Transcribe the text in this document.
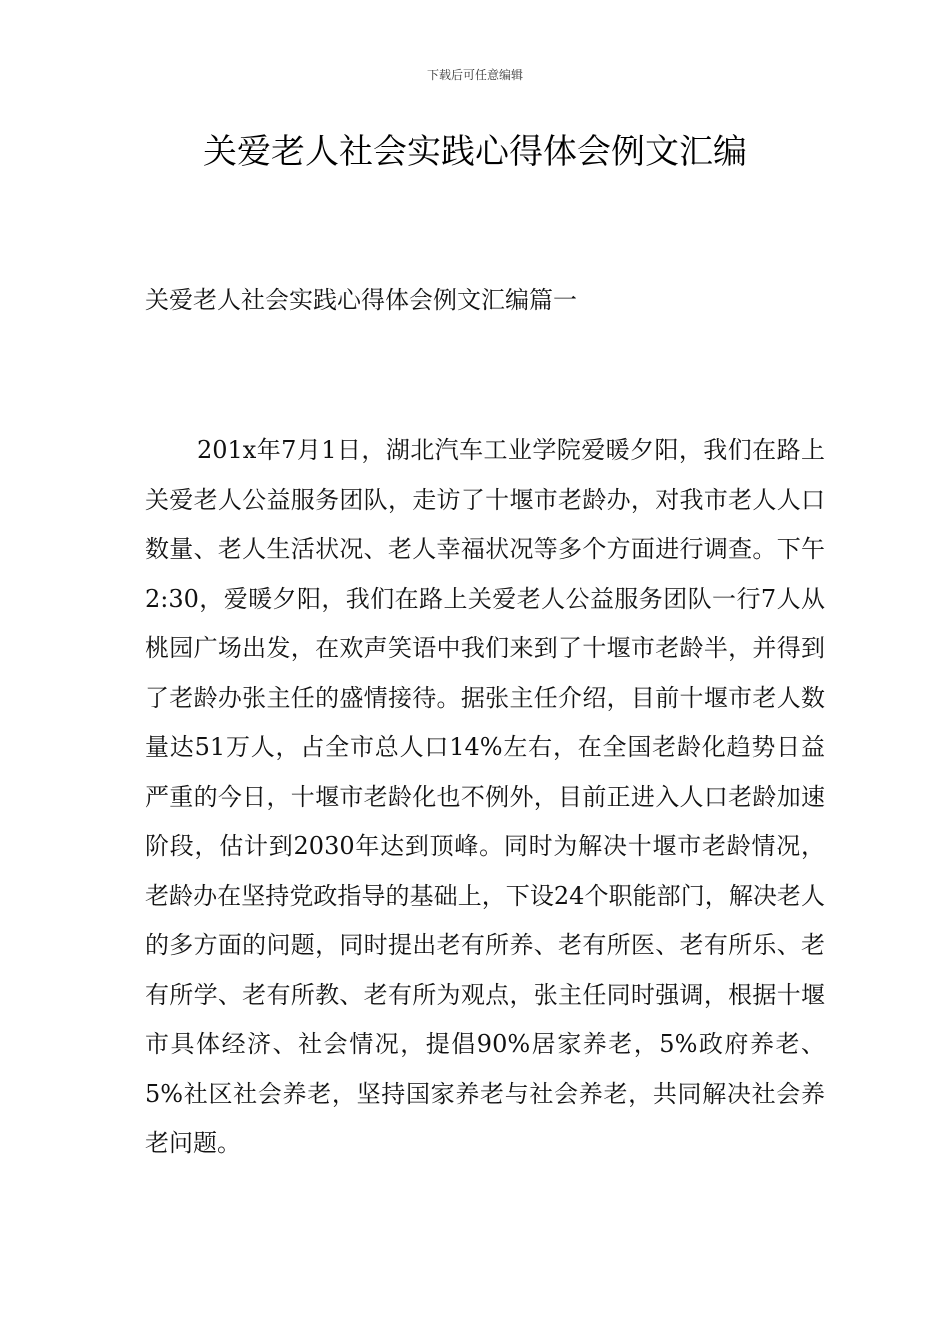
下载后可任意编辑
关爱老人社会实践心得体会例文汇编
关爱老人社会实践心得体会例文汇编篇一

201x年7月1日，湖北汽车工业学院爱暖夕阳，我们在路上关爱老人公益服务团队，走访了十堰市老龄办，对我市老人人口数量、老人生活状况、老人幸福状况等多个方面进行调查。下午2:30，爱暖夕阳，我们在路上关爱老人公益服务团队一行7人从桃园广场出发，在欢声笑语中我们来到了十堰市老龄半，并得到了老龄办张主任的盛情接待。据张主任介绍，目前十堰市老人数量达51万人，占全市总人口14%左右，在全国老龄化趋势日益严重的今日，十堰市老龄化也不例外，目前正进入人口老龄加速阶段，估计到2030年达到顶峰。同时为解决十堰市老龄情况，老龄办在坚持党政指导的基础上，下设24个职能部门，解决老人的多方面的问题，同时提出老有所养、老有所医、老有所乐、老有所学、老有所教、老有所为观点，张主任同时强调，根据十堰市具体经济、社会情况，提倡90%居家养老，5%政府养老、5%社区社会养老，坚持国家养老与社会养老，共同解决社会养老问题。
